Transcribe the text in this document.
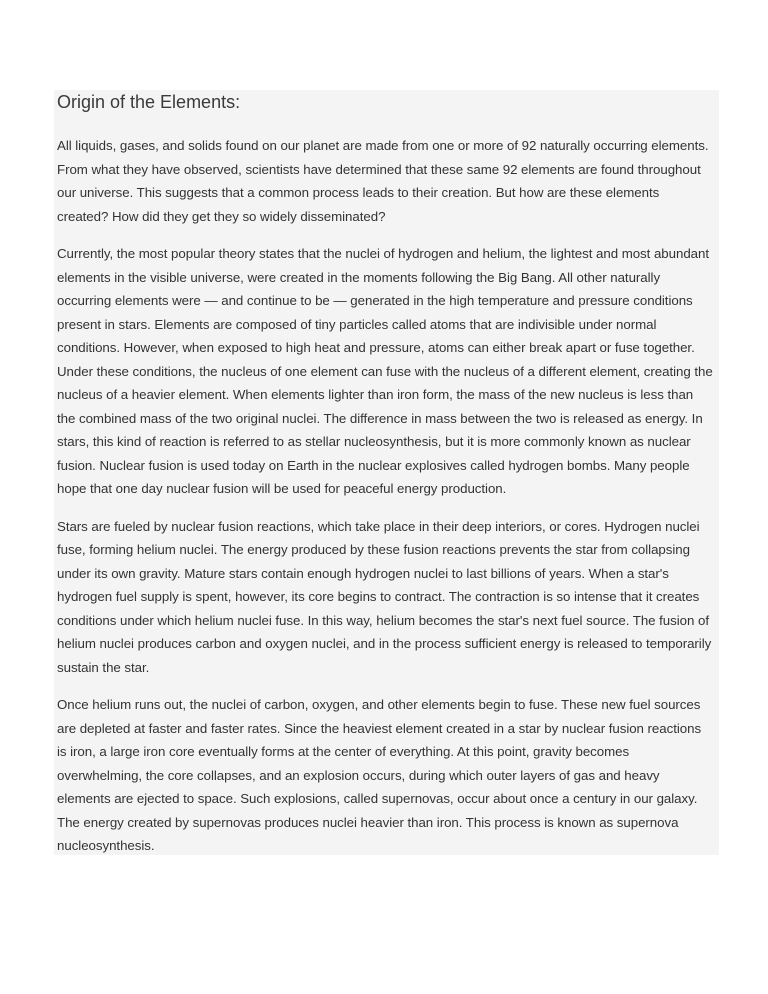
Origin of the Elements:

All liquids, gases, and solids found on our planet are made from one or more of 92 naturally occurring elements. From what they have observed, scientists have determined that these same 92 elements are found throughout our universe. This suggests that a common process leads to their creation. But how are these elements created? How did they get they so widely disseminated?

Currently, the most popular theory states that the nuclei of hydrogen and helium, the lightest and most abundant elements in the visible universe, were created in the moments following the Big Bang. All other naturally occurring elements were — and continue to be — generated in the high temperature and pressure conditions present in stars. Elements are composed of tiny particles called atoms that are indivisible under normal conditions. However, when exposed to high heat and pressure, atoms can either break apart or fuse together. Under these conditions, the nucleus of one element can fuse with the nucleus of a different element, creating the nucleus of a heavier element. When elements lighter than iron form, the mass of the new nucleus is less than the combined mass of the two original nuclei. The difference in mass between the two is released as energy. In stars, this kind of reaction is referred to as stellar nucleosynthesis, but it is more commonly known as nuclear fusion. Nuclear fusion is used today on Earth in the nuclear explosives called hydrogen bombs. Many people hope that one day nuclear fusion will be used for peaceful energy production.

Stars are fueled by nuclear fusion reactions, which take place in their deep interiors, or cores. Hydrogen nuclei fuse, forming helium nuclei. The energy produced by these fusion reactions prevents the star from collapsing under its own gravity. Mature stars contain enough hydrogen nuclei to last billions of years. When a star's hydrogen fuel supply is spent, however, its core begins to contract. The contraction is so intense that it creates conditions under which helium nuclei fuse. In this way, helium becomes the star's next fuel source. The fusion of helium nuclei produces carbon and oxygen nuclei, and in the process sufficient energy is released to temporarily sustain the star.

Once helium runs out, the nuclei of carbon, oxygen, and other elements begin to fuse. These new fuel sources are depleted at faster and faster rates. Since the heaviest element created in a star by nuclear fusion reactions is iron, a large iron core eventually forms at the center of everything. At this point, gravity becomes overwhelming, the core collapses, and an explosion occurs, during which outer layers of gas and heavy elements are ejected to space. Such explosions, called supernovas, occur about once a century in our galaxy. The energy created by supernovas produces nuclei heavier than iron. This process is known as supernova nucleosynthesis.
